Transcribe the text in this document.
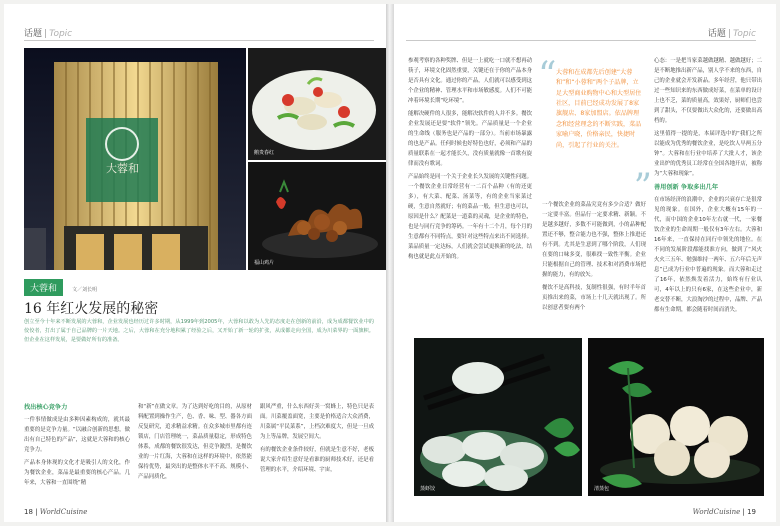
话题 | Topic
大蓉和
鹅贵春红
福山鸡片
大蓉和	文／刘长明
16 年红火发展的秘密
创立至今十年来不断发展的大蓉和，企业发展也经历过许多时期，从1999年到2005年，大蓉和以敢为人先的态度走在创新的前沿，成为成都餐饮业中的佼佼者，打出了属于自己品牌的一片天地。之后，大蓉和在充分地积累了经验之后，又开始了新一轮的扩张，从成都走向全国，成为川菜界的一面旗帜。但企业在这样发展，是要做好所有的准备。
找出核心竞争力

一件事情做成是由多种因素构成的，就其最重要的是竞争力量。“以融合创新的思想，做出有自己特色的产品”，这就是大蓉和的核心竞争力。

产品本身体现的文化才是吸引人的文化，作为餐饮企业，菜品是最重要的核心产品。几年来，大蓉和一直围绕“精

和“新”在做文章。为了达到好吃的目的，从原材料配置到操作生产，色、香、味、型、器各方面反复研究，追求精益求精。在众多城市里都有连锁店，门店管理统一，菜品质量稳定，形成特色体系，成都的餐饮很发达，但竞争激烈，是餐饮业的一片红海，大蓉和在这样的环境中，依然能保持优势，最突出的是整体水平不高、规模小、产品同质化，

跟风严重，什么东西好卖一窝蜂上，特色只是表面。川菜覆盖面宽，主要是价格适合大众消费，川菜属“平民菜系”，上档次难度大，但是一旦成为上等品牌，发展空间大。

有的餐饮企业条件较好，但就是生意不好，老板说大家介绍生意好是看谁的厨师技术好，还是看管理的水平，介绍环境、宇宙，

18 | WorldCuisine
话题 | Topic

参观考察的各种奖牌、但是一上就吃一口就不想再动筷子，环境文化固然重要，关键还在于你的产品本身是否具有文化。通过你的产品，人们就可以感受到这个企业的精神、管理水平和市场敏感度。人们不可能冲着环境长期“吃环境”。

能解决硬件的人很多，能解决软件的人并不多。餐饮企业发展还是要“软件”领先。产品质量是一个企业的生命线（服务也是产品的一部分）。当前市场暴露的也是产品。任何时候也好特色也好，必须和产品的质量联系在一起才能长久，没有质量就像一首歌有旋律而没有歌词。

产品始终是同一个关于企业长久发展的关键性问题。一个餐饮企业日常经营有一二百个品种（有的还更多），有大菜、配菜、汤菜等，有的企业当家菜过硬，生意自然就好；有的菜品一般，但生意也可以，原因是什么？配菜是一道菜的灵魂，是企业的特色，也是与同行竞争的筹码。一年有十二个月，每个月的生意都有不同特点，要针对这些特点来出不同选择。菜品质量一定达标，人们就会尝试更换新的吃法，结构也就是此点开始的。

“ 大蓉和在成都先后创建“大蓉和”和“小蓉和”两个子品牌，立足大型商业购物中心和大型居住社区，目前已经成功发展了8家旗舰店、8家加盟店。依品牌理念和经营理念的不断实践，菜品家喻户晓，价格亲民，快捷时尚，引起了行业的关注。
”

一个餐饮企业的菜品究竟有多少合适？做好一定要丰富。但品行一定要求精、新颖。不是越多越好，多数不可能做到，小的品种配置还不够，整合能力也不强，整体上推进还有不到。尤其是生意到了哪个阶段，人们现在要的口味多变，很难找一致性平衡。企业只能根据自己的管理、技术和对消费市场把握的能力，有的放矢。

餐饮不是高科技，复制性很强，有时半年首页推出来的菜，市场上十几天就出现了。所以创意者要有两个

心态：一是把当家菜越做越精、越做越好；二是不断地推出新产品，别人学不来的东西，自己的企业就会开发新品。多年经营，他只带出过一些知识来的东西做成好菜，在菜单的设计上也不乏，菜的质量高，效果好，厨师们也尝到了甜头，不仅要做出大众化的，还要做出高档的。

这里值得一提的是，本届评选中的“我们之所以能成为优秀的餐饮企业，是吃饮人早两五分钟”。大蓉和在行业中培养了大批人才，该企业出炉的优秀员工经常在全国各地开店，被称为“大蓉和现象”。

善用创新 争取多出几年

在市场经济的浪潮中，企业的兴衰存亡是很常见的现象。在国外，企业大概有15年的一代，而中国的企业10年左右就一代，一家餐饮企业的生命周期一般仅有3年左右。大蓉和16年来，一直保持在同行中领先的地位。在不同的发展阶段都能找准方向，做到了“风火火火三五年、勉强维持一两年、五六年后无声息”已成为行业中普遍的现象。而大蓉和走过了16年，依然焕发着活力，始终有行业认可，4年以上的只有6家，在这些企业中，新老交替不断，大浪淘沙的过程中，品牌、产品都有生命期，都会随着时间而消失。

蒸虾饺	清蒸包
WorldCuisine | 19
